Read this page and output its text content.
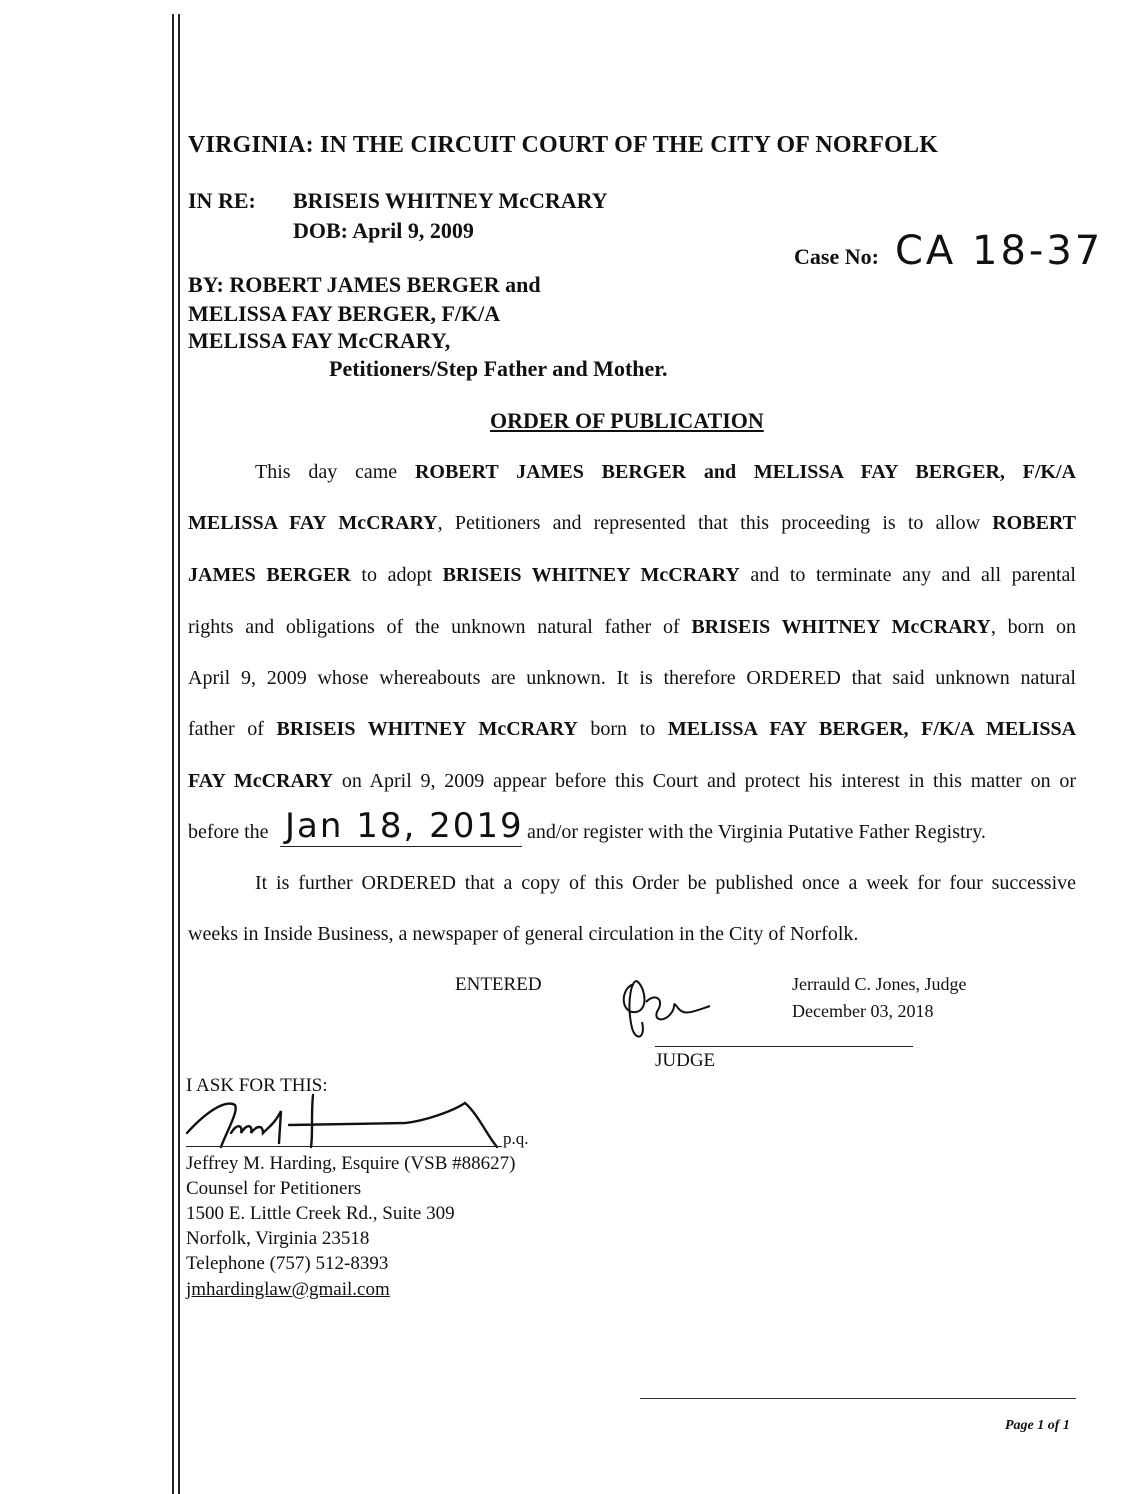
VIRGINIA: IN THE CIRCUIT COURT OF THE CITY OF NORFOLK
IN RE: BRISEIS WHITNEY McCRARY
DOB: April 9, 2009
Case No: CA 18-37
BY: ROBERT JAMES BERGER and
MELISSA FAY BERGER, F/K/A
MELISSA FAY McCRARY,
Petitioners/Step Father and Mother.
ORDER OF PUBLICATION
This day came ROBERT JAMES BERGER and MELISSA FAY BERGER, F/K/A
MELISSA FAY McCRARY, Petitioners and represented that this proceeding is to allow ROBERT
JAMES BERGER to adopt BRISEIS WHITNEY McCRARY and to terminate any and all parental
rights and obligations of the unknown natural father of BRISEIS WHITNEY McCRARY, born on
April 9, 2009 whose whereabouts are unknown. It is therefore ORDERED that said unknown natural
father of BRISEIS WHITNEY McCRARY born to MELISSA FAY BERGER, F/K/A MELISSA
FAY McCRARY on April 9, 2009 appear before this Court and protect his interest in this matter on or
before the Jan 18, 2019 and/or register with the Virginia Putative Father Registry.
It is further ORDERED that a copy of this Order be published once a week for four successive
weeks in Inside Business, a newspaper of general circulation in the City of Norfolk.
ENTERED	Jerrauld C. Jones, Judge
December 03, 2018
JUDGE
I ASK FOR THIS:
p.q.
Jeffrey M. Harding, Esquire (VSB #88627)
Counsel for Petitioners
1500 E. Little Creek Rd., Suite 309
Norfolk, Virginia 23518
Telephone (757) 512-8393
jmhardinglaw@gmail.com
Page 1 of 1
